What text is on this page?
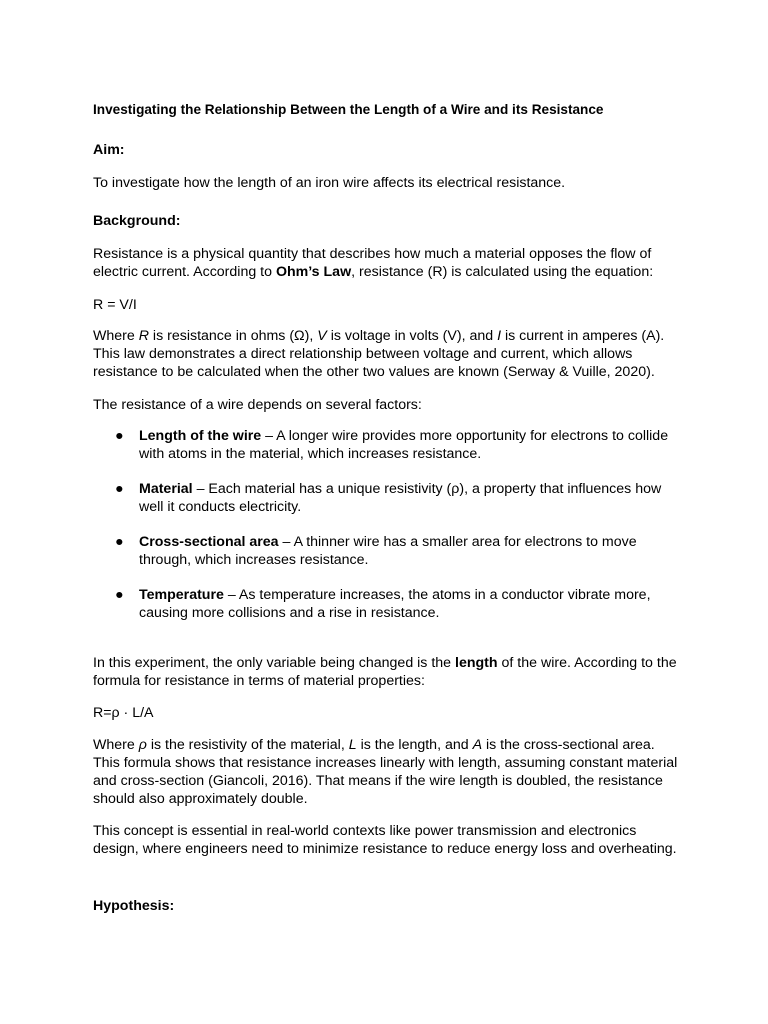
Investigating the Relationship Between the Length of a Wire and its Resistance

Aim:

To investigate how the length of an iron wire affects its electrical resistance.

Background:

Resistance is a physical quantity that describes how much a material opposes the flow of electric current. According to Ohm’s Law, resistance (R) is calculated using the equation:

R = V/I

Where R is resistance in ohms (Ω), V is voltage in volts (V), and I is current in amperes (A). This law demonstrates a direct relationship between voltage and current, which allows resistance to be calculated when the other two values are known (Serway & Vuille, 2020).

The resistance of a wire depends on several factors:

● Length of the wire – A longer wire provides more opportunity for electrons to collide with atoms in the material, which increases resistance.
● Material – Each material has a unique resistivity (ρ), a property that influences how well it conducts electricity.
● Cross-sectional area – A thinner wire has a smaller area for electrons to move through, which increases resistance.
● Temperature – As temperature increases, the atoms in a conductor vibrate more, causing more collisions and a rise in resistance.

In this experiment, the only variable being changed is the length of the wire. According to the formula for resistance in terms of material properties:

R=ρ · L/A

Where ρ is the resistivity of the material, L is the length, and A is the cross-sectional area. This formula shows that resistance increases linearly with length, assuming constant material and cross-section (Giancoli, 2016). That means if the wire length is doubled, the resistance should also approximately double.

This concept is essential in real-world contexts like power transmission and electronics design, where engineers need to minimize resistance to reduce energy loss and overheating.

Hypothesis:
